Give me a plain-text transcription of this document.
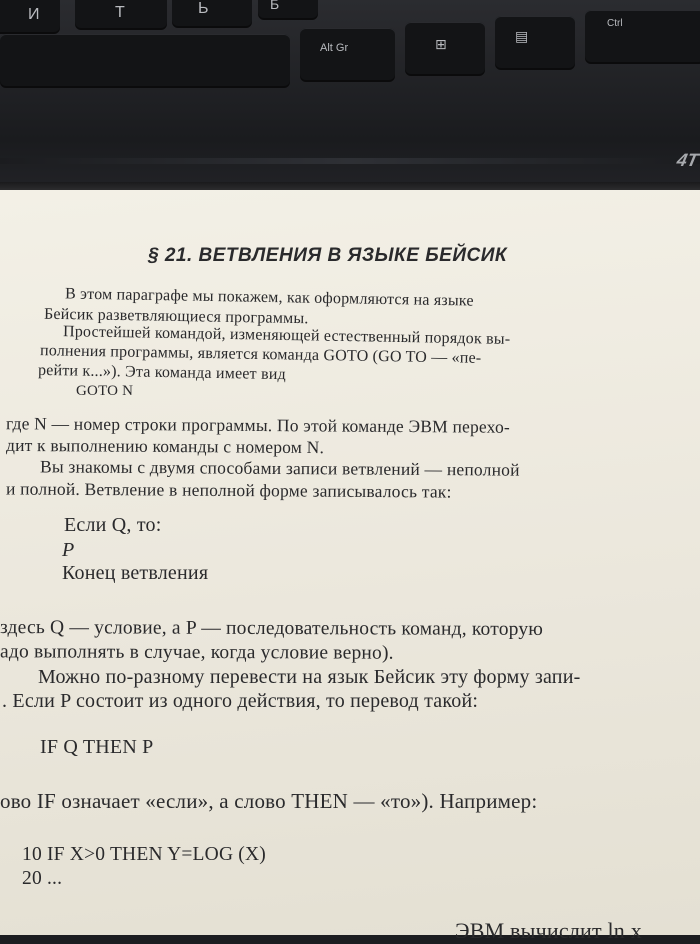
И	Т	Ь	Б
Alt Gr	⊞	▤
Ctrl
4T
§ 21. ВЕТВЛЕНИЯ В ЯЗЫКЕ БЕЙСИК
В этом параграфе мы покажем, как оформляются на языке
Бейсик разветвляющиеся программы.
Простейшей командой, изменяющей естественный порядок вы-
полнения программы, является команда GOTO (GO TO — «пе-
рейти к...»). Эта команда имеет вид
GOTO N
где N — номер строки программы. По этой команде ЭВМ перехо-
дит к выполнению команды с номером N.
Вы знакомы с двумя способами записи ветвлений — неполной
и полной. Ветвление в неполной форме записывалось так:
Если Q, то:
P
Конец ветвления
здесь Q — условие, а P — последовательность команд, которую
адо выполнять в случае, когда условие верно).
Можно по-разному перевести на язык Бейсик эту форму запи-
. Если P состоит из одного действия, то перевод такой:
IF Q THEN P
ово IF означает «если», а слово THEN — «то»). Например:
10 IF X>0 THEN Y=LOG (X)
20 ...
ЭВМ вычислит ln x
